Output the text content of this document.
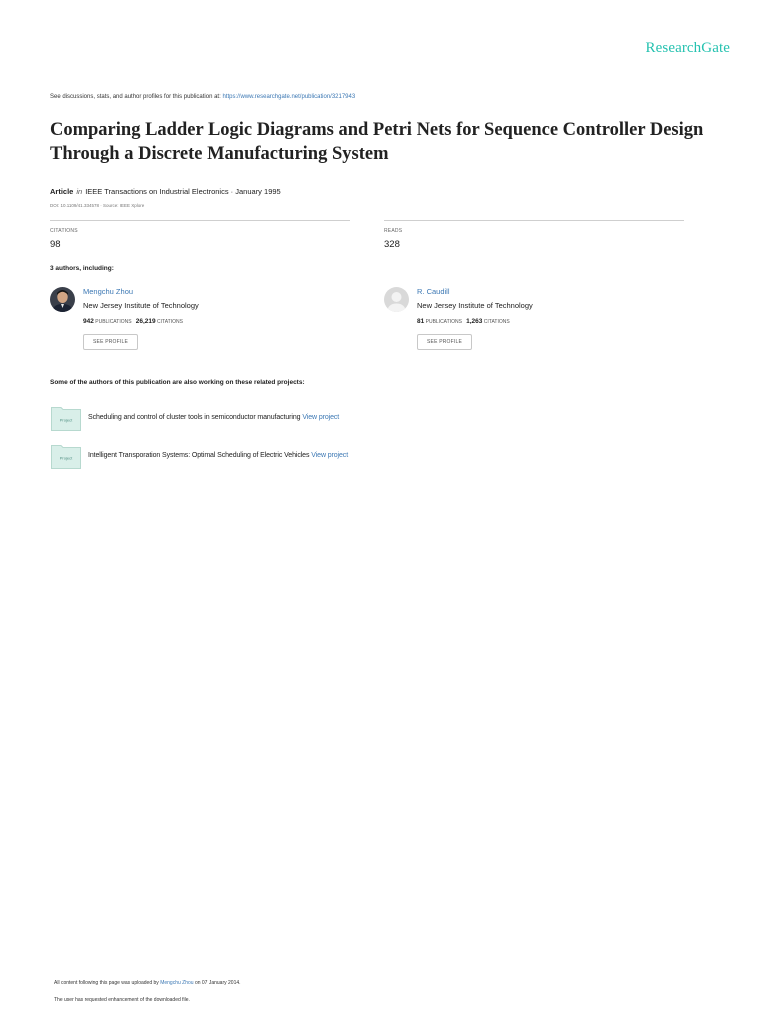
ResearchGate
See discussions, stats, and author profiles for this publication at: https://www.researchgate.net/publication/3217943
Comparing Ladder Logic Diagrams and Petri Nets for Sequence Controller Design Through a Discrete Manufacturing System
Article in IEEE Transactions on Industrial Electronics · January 1995
DOI: 10.1109/41.334578 · Source: IEEE Xplore
CITATIONS
98
READS
328
3 authors, including:
Mengchu Zhou
New Jersey Institute of Technology
942 PUBLICATIONS 26,219 CITATIONS
SEE PROFILE
R. Caudill
New Jersey Institute of Technology
81 PUBLICATIONS 1,263 CITATIONS
SEE PROFILE
Some of the authors of this publication are also working on these related projects:
Project Scheduling and control of cluster tools in semiconductor manufacturing View project
Project Intelligent Transporation Systems: Optimal Scheduling of Electric Vehicles View project
All content following this page was uploaded by Mengchu Zhou on 07 January 2014.
The user has requested enhancement of the downloaded file.
